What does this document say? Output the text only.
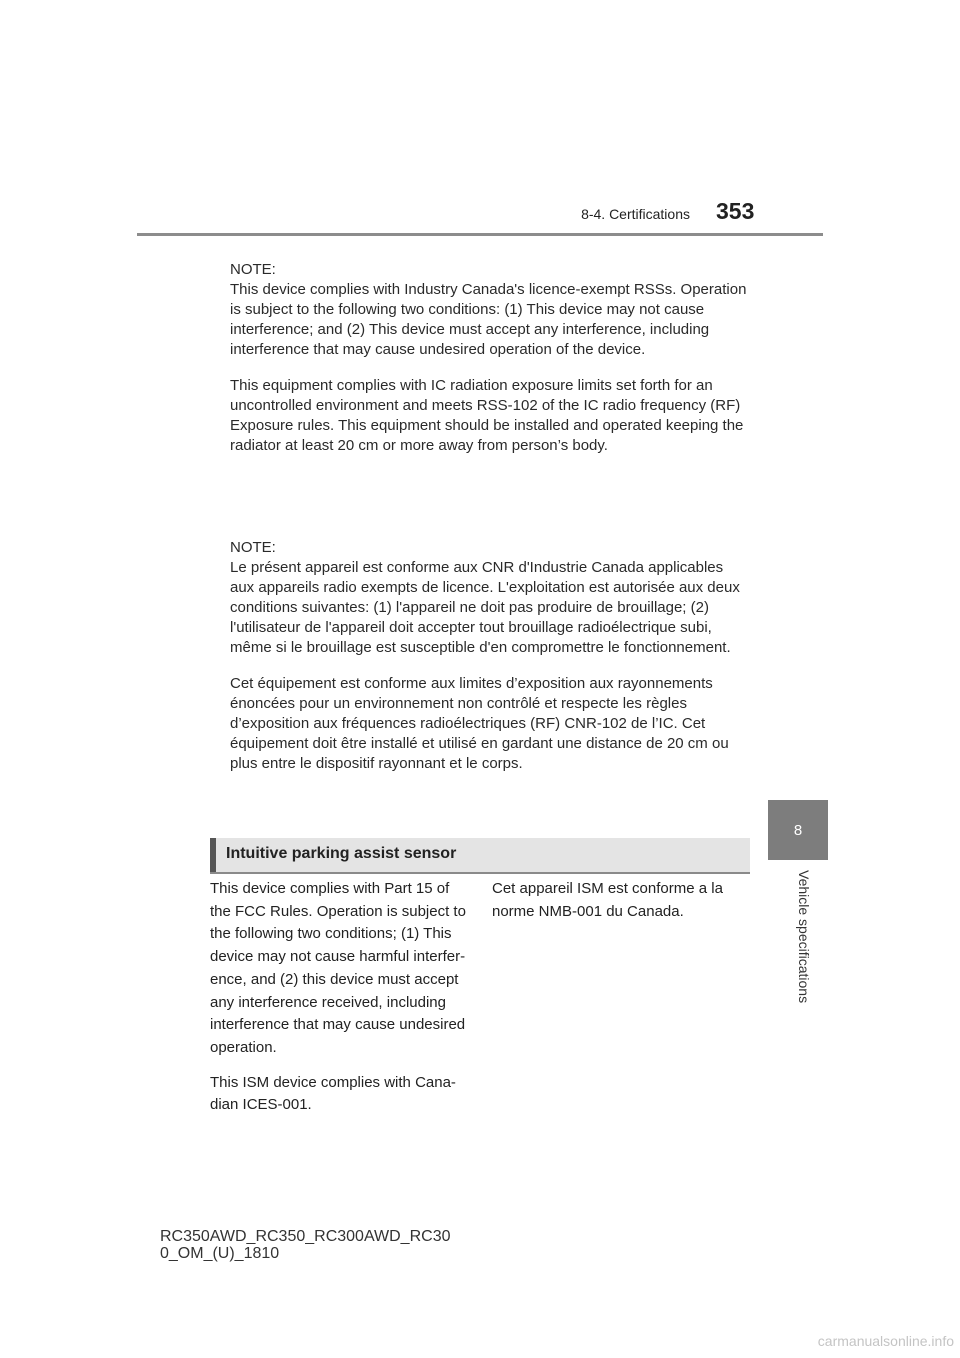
8-4. Certifications 353
8
Vehicle specifications
NOTE:

This device complies with Industry Canada's licence-exempt RSSs. Operation is subject to the following two conditions: (1) This device may not cause interference; and (2) This device must accept any interference, including interference that may cause undesired operation of the device.

This equipment complies with IC radiation exposure limits set forth for an uncontrolled environment and meets RSS-102 of the IC radio frequency (RF) Exposure rules. This equipment should be installed and operated keeping the radiator at least 20 cm or more away from person’s body.

NOTE:

Le présent appareil est conforme aux CNR d'Industrie Canada applicables aux appareils radio exempts de licence. L'exploitation est autorisée aux deux conditions suivantes: (1) l'appareil ne doit pas produire de brouillage; (2) l'utilisateur de l'appareil doit accepter tout brouillage radioélectrique subi, même si le brouillage est susceptible d'en compromettre le fonctionnement.

Cet équipement est conforme aux limites d’exposition aux rayonnements énoncées pour un environnement non contrôlé et respecte les règles d’exposition aux fréquences radioélectriques (RF) CNR-102 de l’IC. Cet équipement doit être installé et utilisé en gardant une distance de 20 cm ou plus entre le dispositif rayonnant et le corps.

Intuitive parking assist sensor

This device complies with Part 15 of the FCC Rules. Operation is subject to the following two conditions; (1) This device may not cause harmful interfer-ence, and (2) this device must accept any interference received, including interference that may cause undesired operation.

This ISM device complies with Cana-dian ICES-001.

Cet appareil ISM est conforme a la norme NMB-001 du Canada.

RC350AWD_RC350_RC300AWD_RC30
0_OM_(U)_1810
carmanualsonline.info
